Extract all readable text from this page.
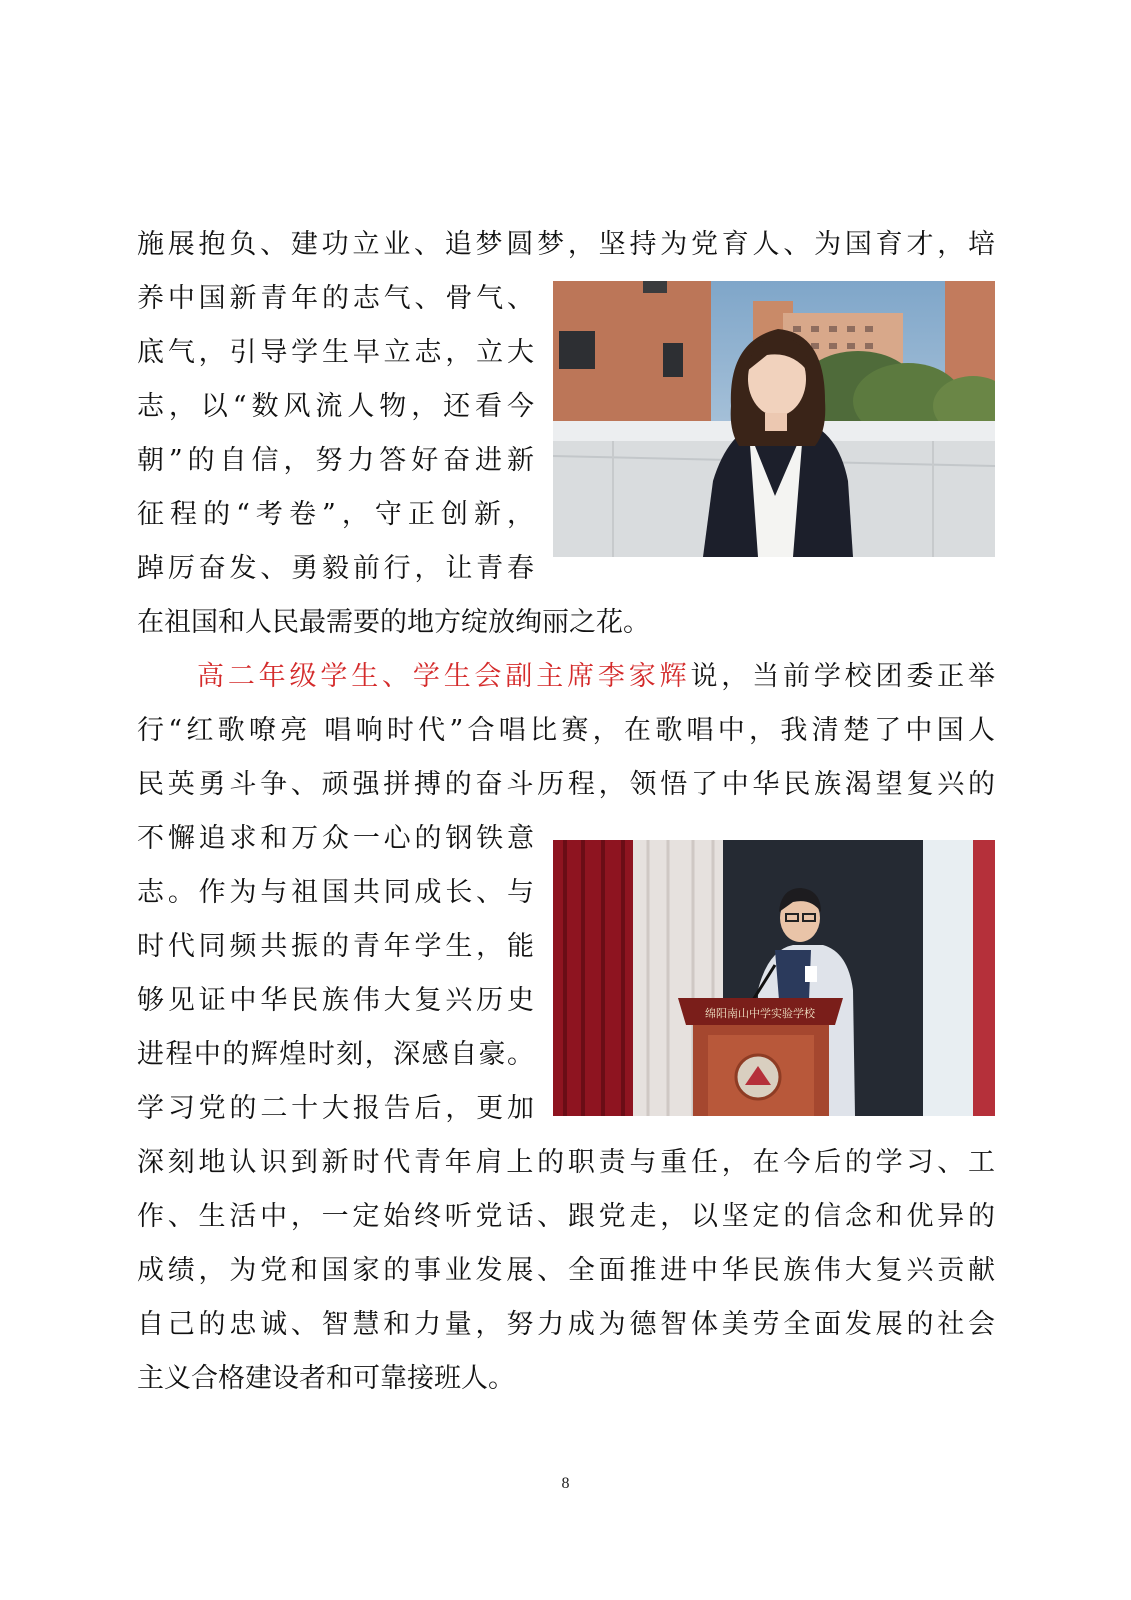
施展抱负、建功立业、追梦圆梦，坚持为党育人、为国育才，培
养中国新青年的志气、骨气、
底气，引导学生早立志，立大
志，以“数风流人物，还看今
朝”的自信，努力答好奋进新
征程的“考卷”，守正创新，
踔厉奋发、勇毅前行，让青春
在祖国和人民最需要的地方绽放绚丽之花。
高二年级学生、学生会副主席李家辉说，当前学校团委正举
行“红歌嘹亮 唱响时代”合唱比赛，在歌唱中，我清楚了中国人
民英勇斗争、顽强拼搏的奋斗历程，领悟了中华民族渴望复兴的
不懈追求和万众一心的钢铁意
志。作为与祖国共同成长、与
时代同频共振的青年学生，能
够见证中华民族伟大复兴历史
进程中的辉煌时刻，深感自豪。
学习党的二十大报告后，更加
深刻地认识到新时代青年肩上的职责与重任，在今后的学习、工
作、生活中，一定始终听党话、跟党走，以坚定的信念和优异的
成绩，为党和国家的事业发展、全面推进中华民族伟大复兴贡献
自己的忠诚、智慧和力量，努力成为德智体美劳全面发展的社会
主义合格建设者和可靠接班人。
绵阳南山中学实验学校
8
